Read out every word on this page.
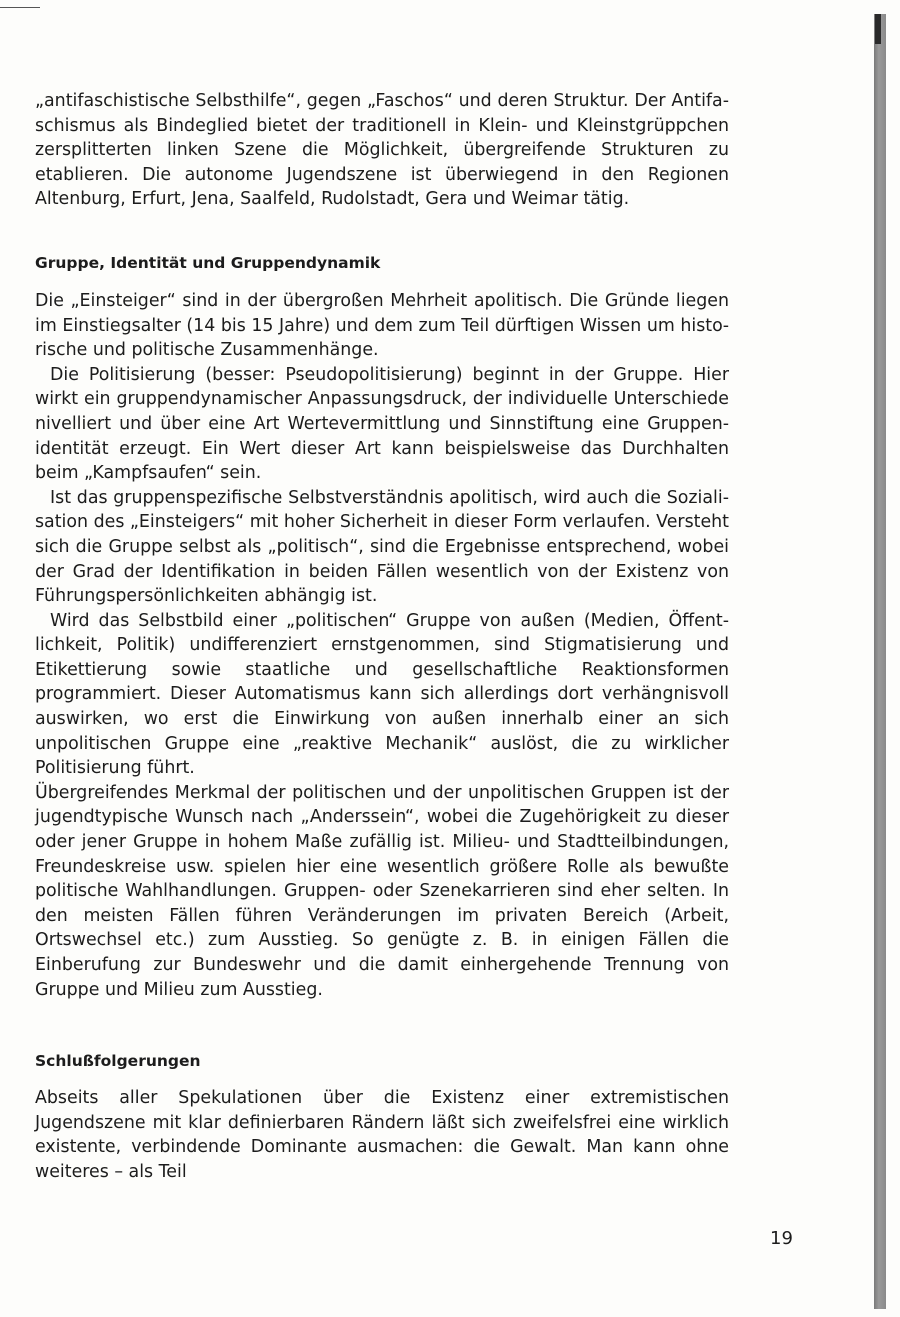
„antifaschistische Selbsthilfe“, gegen „Faschos“ und deren Struktur. Der Antifaschismus als Bindeglied bietet der traditionell in Klein- und Kleinstgrüppchen zersplitterten linken Szene die Möglichkeit, übergreifende Strukturen zu etablieren. Die autonome Jugendszene ist überwiegend in den Regionen Altenburg, Erfurt, Jena, Saalfeld, Rudolstadt, Gera und Weimar tätig.

Gruppe, Identität und Gruppendynamik

Die „Einsteiger“ sind in der übergroßen Mehrheit apolitisch. Die Gründe liegen im Einstiegsalter (14 bis 15 Jahre) und dem zum Teil dürftigen Wissen um historische und politische Zusammenhänge.

Die Politisierung (besser: Pseudopolitisierung) beginnt in der Gruppe. Hier wirkt ein gruppendynamischer Anpassungsdruck, der individuelle Unterschiede nivelliert und über eine Art Wertevermittlung und Sinnstiftung eine Gruppenidentität erzeugt. Ein Wert dieser Art kann beispielsweise das Durchhalten beim „Kampfsaufen“ sein.

Ist das gruppenspezifische Selbstverständnis apolitisch, wird auch die Sozialisation des „Einsteigers“ mit hoher Sicherheit in dieser Form verlaufen. Versteht sich die Gruppe selbst als „politisch“, sind die Ergebnisse entsprechend, wobei der Grad der Identifikation in beiden Fällen wesentlich von der Existenz von Führungspersönlichkeiten abhängig ist.

Wird das Selbstbild einer „politischen“ Gruppe von außen (Medien, Öffentlichkeit, Politik) undifferenziert ernstgenommen, sind Stigmatisierung und Etikettierung sowie staatliche und gesellschaftliche Reaktionsformen programmiert. Dieser Automatismus kann sich allerdings dort verhängnisvoll auswirken, wo erst die Einwirkung von außen innerhalb einer an sich unpolitischen Gruppe eine „reaktive Mechanik“ auslöst, die zu wirklicher Politisierung führt.

Übergreifendes Merkmal der politischen und der unpolitischen Gruppen ist der jugendtypische Wunsch nach „Anderssein“, wobei die Zugehörigkeit zu dieser oder jener Gruppe in hohem Maße zufällig ist. Milieu- und Stadtteilbindungen, Freundeskreise usw. spielen hier eine wesentlich größere Rolle als bewußte politische Wahlhandlungen. Gruppen- oder Szenekarrieren sind eher selten. In den meisten Fällen führen Veränderungen im privaten Bereich (Arbeit, Ortswechsel etc.) zum Ausstieg. So genügte z. B. in einigen Fällen die Einberufung zur Bundeswehr und die damit einhergehende Trennung von Gruppe und Milieu zum Ausstieg.

Schlußfolgerungen

Abseits aller Spekulationen über die Existenz einer extremistischen Jugendszene mit klar definierbaren Rändern läßt sich zweifelsfrei eine wirklich existente, verbindende Dominante ausmachen: die Gewalt. Man kann ohne weiteres – als Teil

19
